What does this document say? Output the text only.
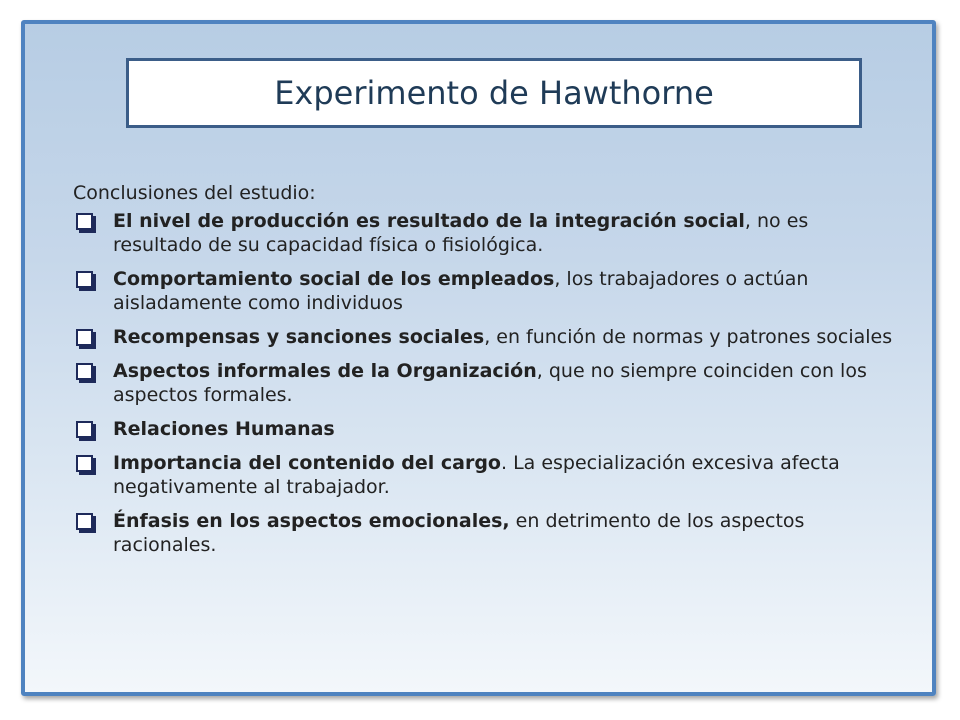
Experimento de Hawthorne
Conclusiones del estudio:
El nivel de producción es resultado de la integración social, no es resultado de su capacidad física o fisiológica.
Comportamiento social de los empleados, los trabajadores o actúan aisladamente como individuos
Recompensas y sanciones sociales, en función de normas y patrones sociales
Aspectos informales de la Organización, que no siempre coinciden con los aspectos formales.
Relaciones Humanas
Importancia del contenido del cargo. La especialización excesiva afecta negativamente al trabajador.
Énfasis en los aspectos emocionales, en detrimento de los aspectos racionales.
